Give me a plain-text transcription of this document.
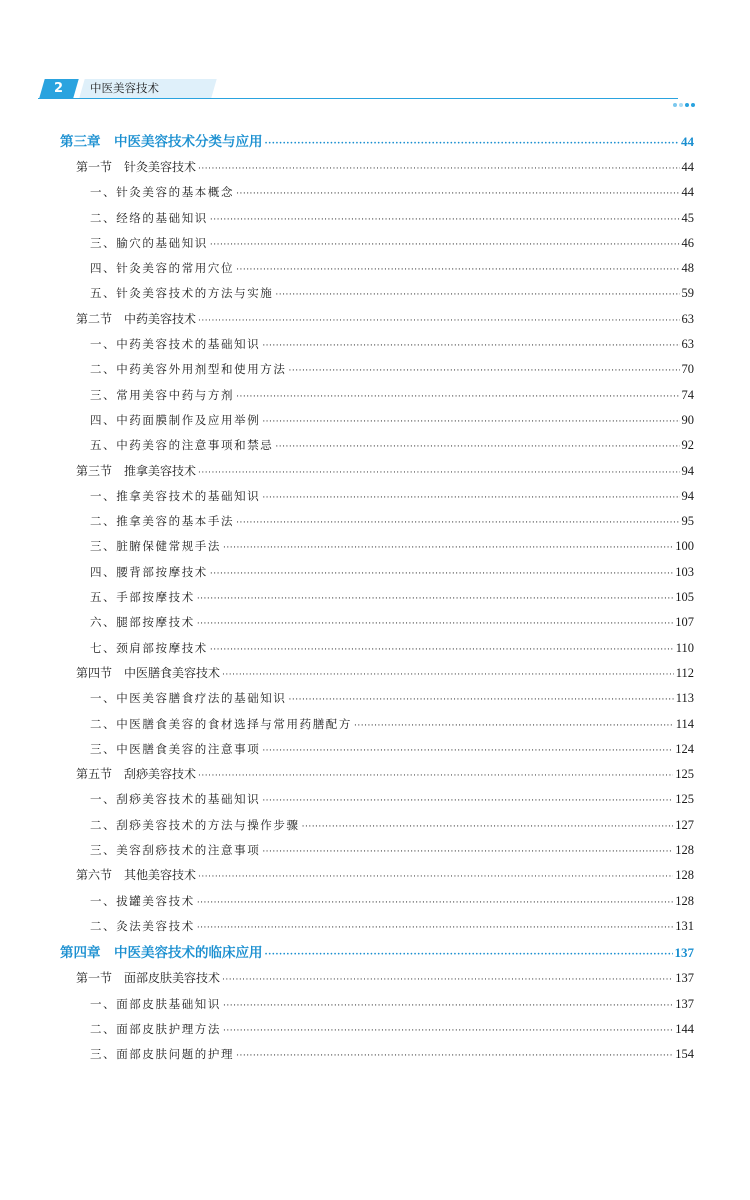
2	中医美容技术
第三章　中医美容技术分类与应用 ·····	44
第一节　针灸美容技术 ·····	44
一、针灸美容的基本概念 ·····	44
二、经络的基础知识 ·····	45
三、腧穴的基础知识 ·····	46
四、针灸美容的常用穴位 ·····	48
五、针灸美容技术的方法与实施 ·····	59
第二节　中药美容技术 ·····	63
一、中药美容技术的基础知识 ·····	63
二、中药美容外用剂型和使用方法 ·····	70
三、常用美容中药与方剂 ·····	74
四、中药面膜制作及应用举例 ·····	90
五、中药美容的注意事项和禁忌 ·····	92
第三节　推拿美容技术 ·····	94
一、推拿美容技术的基础知识 ·····	94
二、推拿美容的基本手法 ·····	95
三、脏腑保健常规手法 ·····	100
四、腰背部按摩技术 ·····	103
五、手部按摩技术 ·····	105
六、腿部按摩技术 ·····	107
七、颈肩部按摩技术 ·····	110
第四节　中医膳食美容技术 ·····	112
一、中医美容膳食疗法的基础知识 ·····	113
二、中医膳食美容的食材选择与常用药膳配方 ·····	114
三、中医膳食美容的注意事项 ·····	124
第五节　刮痧美容技术 ·····	125
一、刮痧美容技术的基础知识 ·····	125
二、刮痧美容技术的方法与操作步骤 ·····	127
三、美容刮痧技术的注意事项 ·····	128
第六节　其他美容技术 ·····	128
一、拔罐美容技术 ·····	128
二、灸法美容技术 ·····	131
第四章　中医美容技术的临床应用 ·····	137
第一节　面部皮肤美容技术 ·····	137
一、面部皮肤基础知识 ·····	137
二、面部皮肤护理方法 ·····	144
三、面部皮肤问题的护理 ·····	154
